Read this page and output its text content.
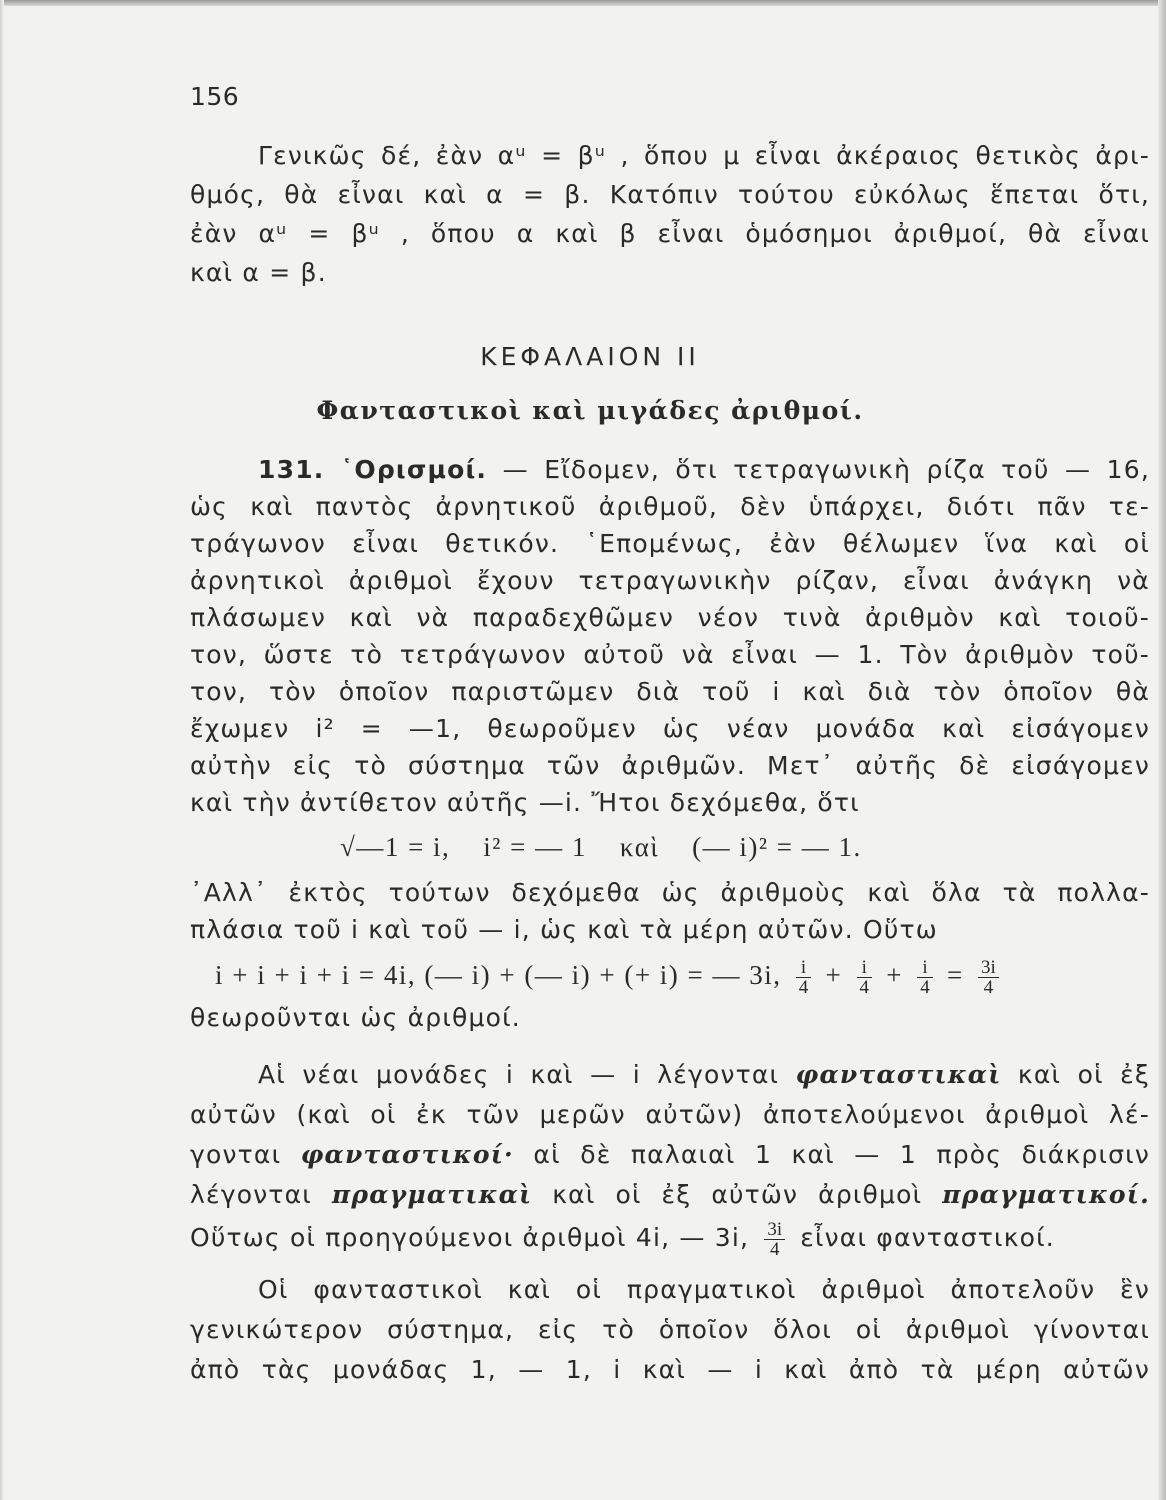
156
Γενικῶς δέ, ἐὰν αᵘ = βᵘ , ὅπου μ εἶναι ἀκέραιος θετικὸς ἀρι-
θμός, θὰ εἶναι καὶ α = β. Κατόπιν τούτου εὐκόλως ἕπεται ὅτι,
ἐὰν αᵘ = βᵘ , ὅπου α καὶ β εἶναι ὁμόσημοι ἀριθμοί, θὰ εἶναι
καὶ α = β.
ΚΕΦΑΛΑΙΟΝ ΙΙ
Φανταστικοὶ καὶ μιγάδες ἀριθμοί.
131. ῾Ορισμοί. — Εἴδομεν, ὅτι τετραγωνικὴ ρίζα τοῦ — 16,
ὡς καὶ παντὸς ἀρνητικοῦ ἀριθμοῦ, δὲν ὑπάρχει, διότι πᾶν τε-
τράγωνον εἶναι θετικόν. ῾Επομένως, ἐὰν θέλωμεν ἵνα καὶ οἱ
ἀρνητικοὶ ἀριθμοὶ ἔχουν τετραγωνικὴν ρίζαν, εἶναι ἀνάγκη νὰ
πλάσωμεν καὶ νὰ παραδεχθῶμεν νέον τινὰ ἀριθμὸν καὶ τοιοῦ-
τον, ὥστε τὸ τετράγωνον αὐτοῦ νὰ εἶναι — 1. Τὸν ἀριθμὸν τοῦ-
τον, τὸν ὁποῖον παριστῶμεν διὰ τοῦ i καὶ διὰ τὸν ὁποῖον θὰ
ἔχωμεν i² = —1, θεωροῦμεν ὡς νέαν μονάδα καὶ εἰσάγομεν
αὐτὴν εἰς τὸ σύστημα τῶν ἀριθμῶν. Μετ᾽ αὐτῆς δὲ εἰσάγομεν
καὶ τὴν ἀντίθετον αὐτῆς —i. Ἤτοι δεχόμεθα, ὅτι
√—1 = i,    i² = — 1    καὶ    (— i)² = — 1.
᾽Αλλ᾽ ἐκτὸς τούτων δεχόμεθα ὡς ἀριθμοὺς καὶ ὅλα τὰ πολλα-
πλάσια τοῦ i καὶ τοῦ — i, ὡς καὶ τὰ μέρη αὐτῶν. Οὕτω
i + i + i + i = 4i, (— i) + (— i) + (+ i) = — 3i, $\frac{i}{4} + \frac{i}{4} + \frac{i}{4} = \frac{3i}{4}$
θεωροῦνται ὡς ἀριθμοί.
Αἱ νέαι μονάδες i καὶ — i λέγονται φανταστικαὶ καὶ οἱ ἐξ
αὐτῶν (καὶ οἱ ἐκ τῶν μερῶν αὐτῶν) ἀποτελούμενοι ἀριθμοὶ λέ-
γονται φανταστικοί· αἱ δὲ παλαιαὶ 1 καὶ — 1 πρὸς διάκρισιν
λέγονται πραγματικαὶ καὶ οἱ ἐξ αὐτῶν ἀριθμοὶ πραγματικοί.
Οὕτως οἱ προηγούμενοι ἀριθμοὶ 4i, — 3i, $\frac{3i}{4}$ εἶναι φανταστικοί.
Οἱ φανταστικοὶ καὶ οἱ πραγματικοὶ ἀριθμοὶ ἀποτελοῦν ἓν
γενικώτερον σύστημα, εἰς τὸ ὁποῖον ὅλοι οἱ ἀριθμοὶ γίνονται
ἀπὸ τὰς μονάδας 1, — 1, i καὶ — i καὶ ἀπὸ τὰ μέρη αὐτῶν
